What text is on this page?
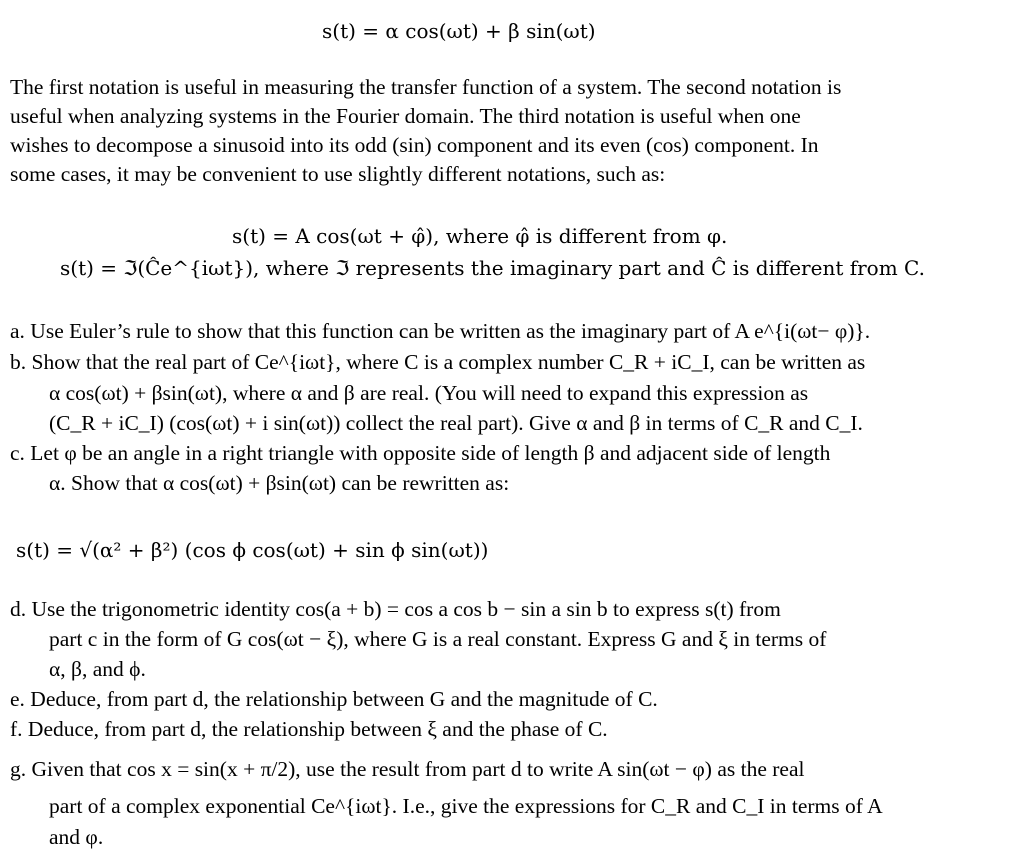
s(t) = α cos(ωt) + β sin(ωt)
The first notation is useful in measuring the transfer function of a system. The second notation is
useful when analyzing systems in the Fourier domain. The third notation is useful when one
wishes to decompose a sinusoid into its odd (sin) component and its even (cos) component. In
some cases, it may be convenient to use slightly different notations, such as:
s(t) = A cos(ωt + φ̂), where φ̂ is different from φ.
s(t) = ℑ(Ĉe^{iωt}), where ℑ represents the imaginary part and Ĉ is different from C.
a. Use Euler’s rule to show that this function can be written as the imaginary part of A e^{i(ωt− φ)}.
b. Show that the real part of Ce^{iωt}, where C is a complex number C_R + iC_I, can be written as
α cos(ωt) + βsin(ωt), where α and β are real. (You will need to expand this expression as
(C_R + iC_I) (cos(ωt) + i sin(ωt)) collect the real part). Give α and β in terms of C_R and C_I.
c. Let φ be an angle in a right triangle with opposite side of length β and adjacent side of length
α. Show that α cos(ωt) + βsin(ωt) can be rewritten as:
s(t) = √(α² + β²) (cos ϕ cos(ωt) + sin ϕ sin(ωt))
d. Use the trigonometric identity cos(a + b) = cos a cos b − sin a sin b to express s(t) from
part c in the form of G cos(ωt − ξ), where G is a real constant. Express G and ξ in terms of
α, β, and ϕ.
e. Deduce, from part d, the relationship between G and the magnitude of C.
f. Deduce, from part d, the relationship between ξ and the phase of C.
g. Given that cos x = sin(x + π/2), use the result from part d to write A sin(ωt − φ) as the real
part of a complex exponential Ce^{iωt}. I.e., give the expressions for C_R and C_I in terms of A
and φ.
